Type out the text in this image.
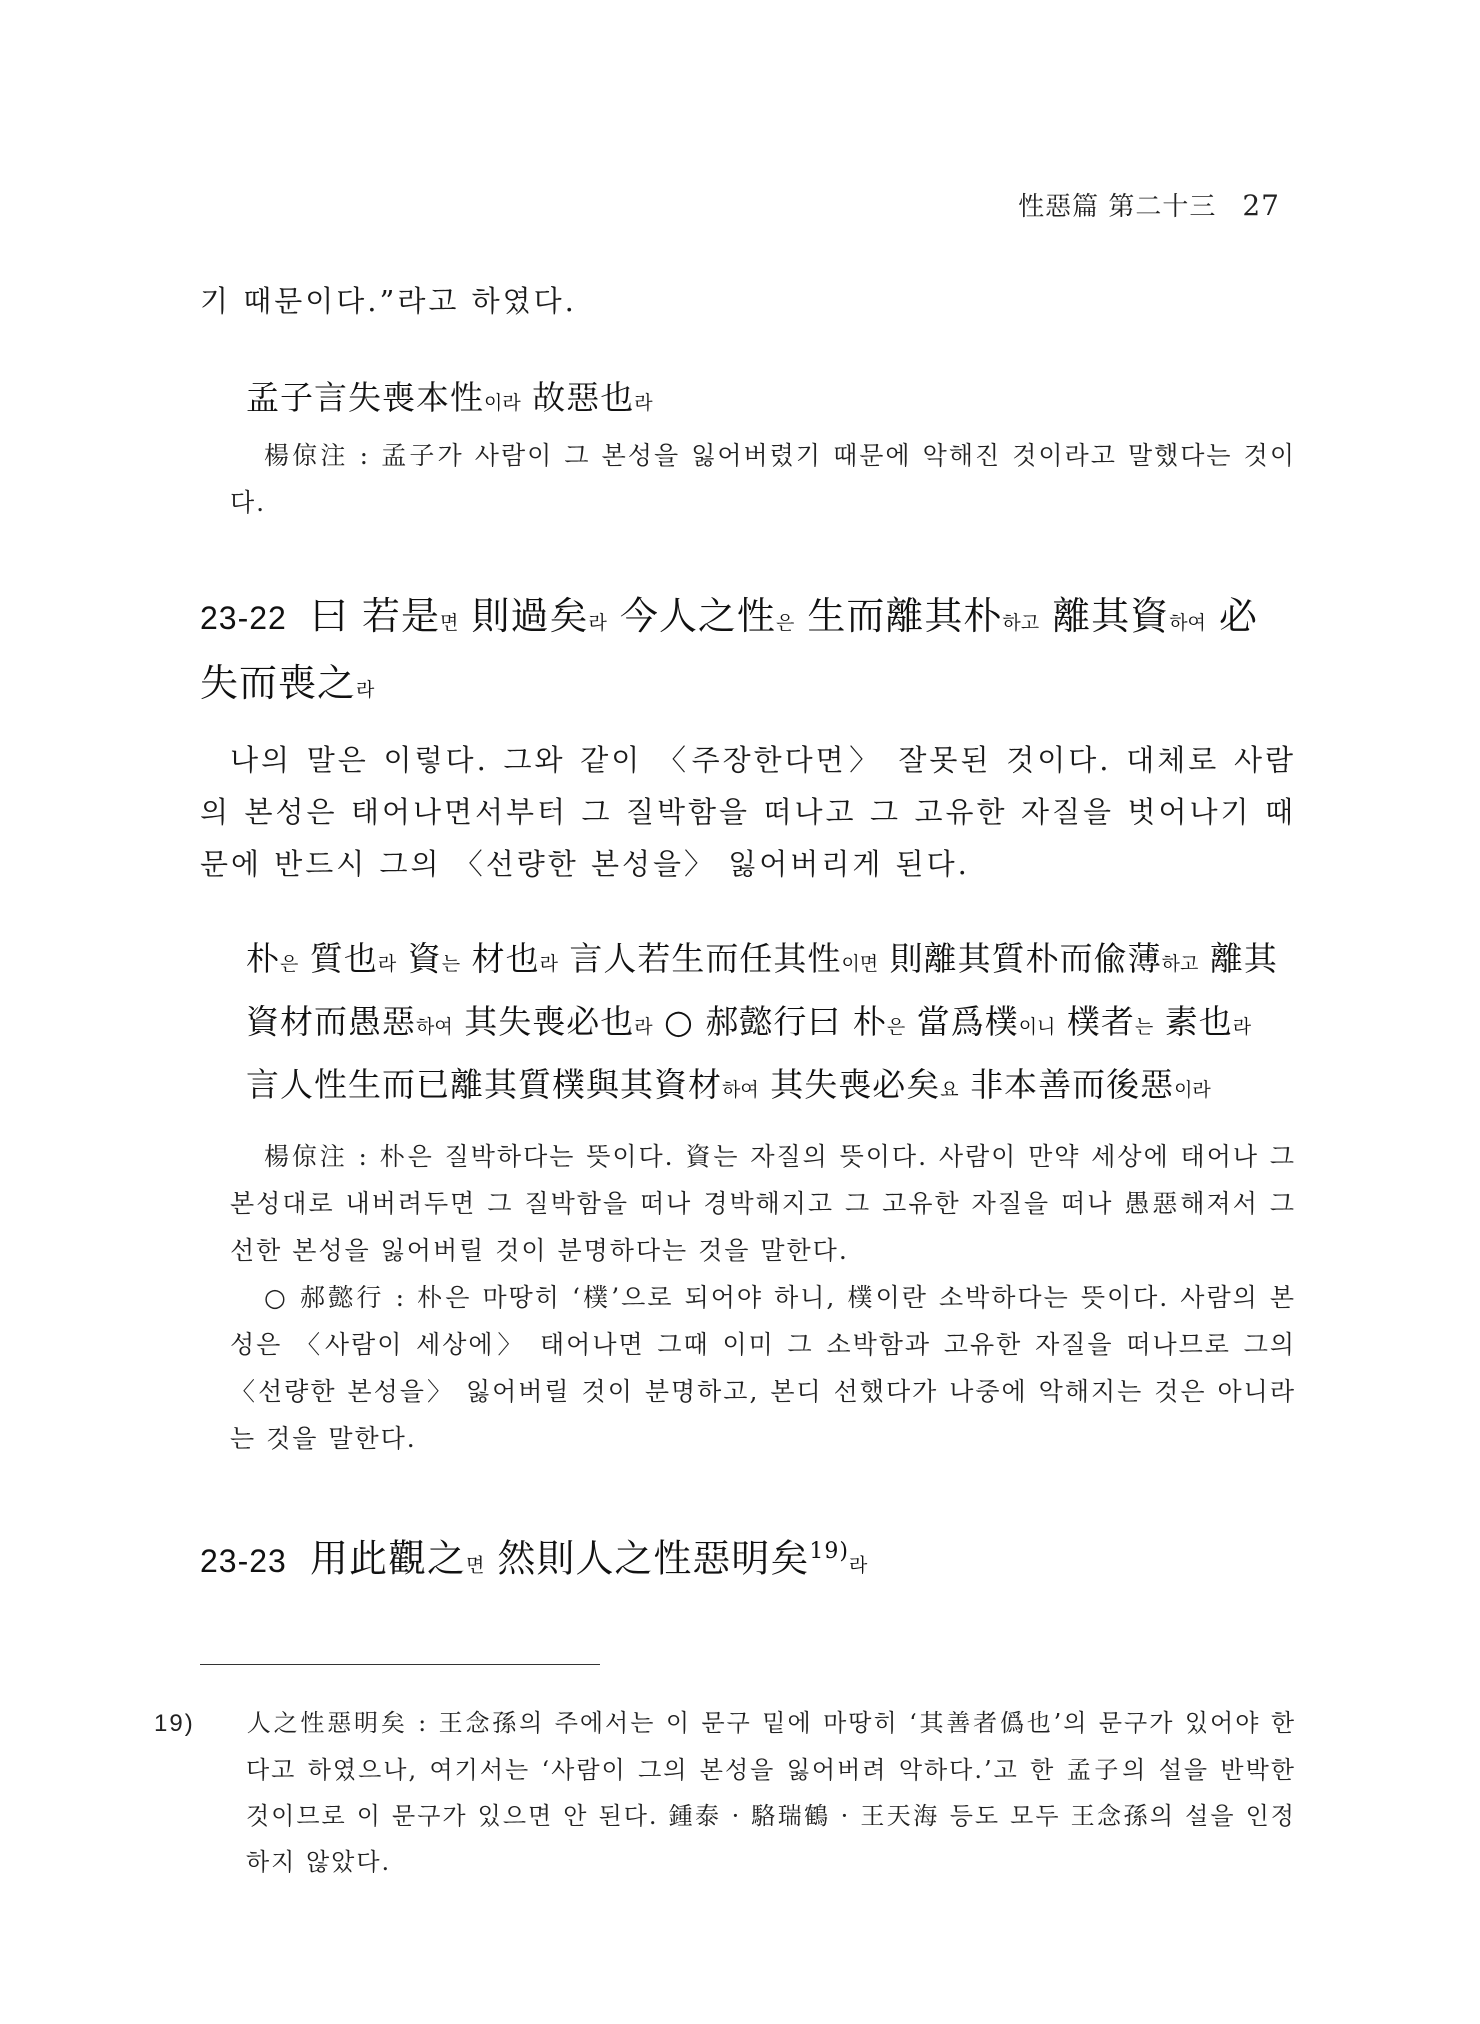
性惡篇 第二十三 27

기 때문이다.”라고 하였다.

孟子言失喪本性이라 故惡也라

楊倞注 : 孟子가 사람이 그 본성을 잃어버렸기 때문에 악해진 것이라고 말했다는 것이다.

23-22 曰 若是면 則過矣라 今人之性은 生而離其朴하고 離其資하여 必失而喪之라

나의 말은 이렇다. 그와 같이 〈주장한다면〉 잘못된 것이다. 대체로 사람의 본성은 태어나면서부터 그 질박함을 떠나고 그 고유한 자질을 벗어나기 때문에 반드시 그의 〈선량한 본성을〉 잃어버리게 된다.

朴은 質也라 資는 材也라 言人若生而任其性이면 則離其質朴而偸薄하고 離其資材而愚惡하여 其失喪必也라 ○ 郝懿行曰 朴은 當爲樸이니 樸者는 素也라 言人性生而已離其質樸與其資材하여 其失喪必矣요 非本善而後惡이라

楊倞注 : 朴은 질박하다는 뜻이다. 資는 자질의 뜻이다. 사람이 만약 세상에 태어나 그 본성대로 내버려두면 그 질박함을 떠나 경박해지고 그 고유한 자질을 떠나 愚惡해져서 그 선한 본성을 잃어버릴 것이 분명하다는 것을 말한다.

○ 郝懿行 : 朴은 마땅히 ‘樸’으로 되어야 하니, 樸이란 소박하다는 뜻이다. 사람의 본성은 〈사람이 세상에〉 태어나면 그때 이미 그 소박함과 고유한 자질을 떠나므로 그의 〈선량한 본성을〉 잃어버릴 것이 분명하고, 본디 선했다가 나중에 악해지는 것은 아니라는 것을 말한다.

23-23 用此觀之면 然則人之性惡明矣$^{19)}$라

19) 人之性惡明矣 : 王念孫의 주에서는 이 문구 밑에 마땅히 ‘其善者僞也’의 문구가 있어야 한다고 하였으나, 여기서는 ‘사람이 그의 본성을 잃어버려 악하다.’고 한 孟子의 설을 반박한 것이므로 이 문구가 있으면 안 된다. 鍾泰 · 駱瑞鶴 · 王天海 등도 모두 王念孫의 설을 인정하지 않았다.
